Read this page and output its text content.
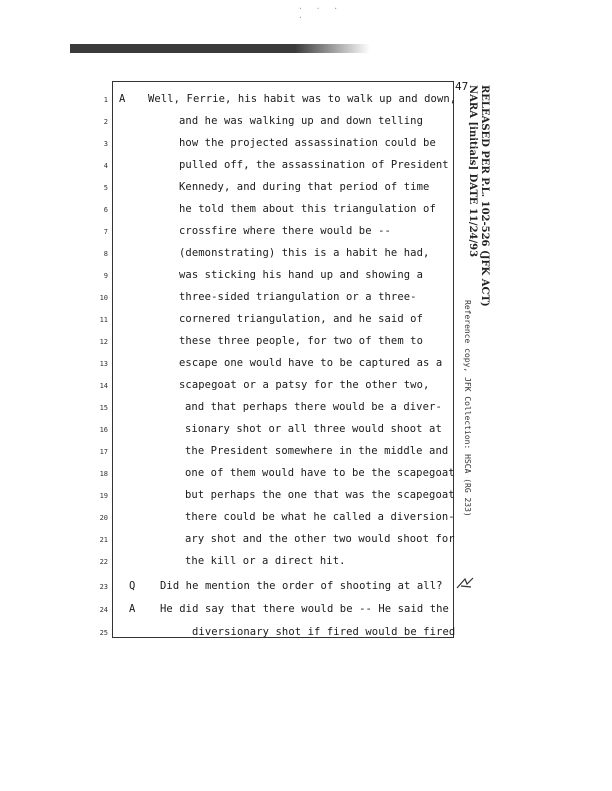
· · · ·
47
1 A Well, Ferrie, his habit was to walk up and down,
2	and he was walking up and down telling
3	how the projected assassination could be
4	pulled off, the assassination of President
5	Kennedy, and during that period of time
6	he told them about this triangulation of
7	crossfire where there would be --
8	(demonstrating) this is a habit he had,
9	was sticking his hand up and showing a
10	three-sided triangulation or a three-
11	cornered triangulation, and he said of
12	these three people, for two of them to
13	escape one would have to be captured as a
14	scapegoat or a patsy for the other two,
15	and that perhaps there would be a diver-
16	sionary shot or all three would shoot at
17	the President somewhere in the middle and
18	one of them would have to be the scapegoat
19	but perhaps the one that was the scapegoat
20	there could be what he called a diversion-
21	ary shot and the other two would shoot for
22	the kill or a direct hit.
23 Q Did he mention the order of shooting at all?
24 A He did say that there would be -- He said the
25	diversionary shot if fired would be fired
RELEASED PER P.L. 102-526 (JFK ACT)
NARA [initials] DATE 11/24/93
Reference copy, JFK Collection: HSCA (RG 233)
